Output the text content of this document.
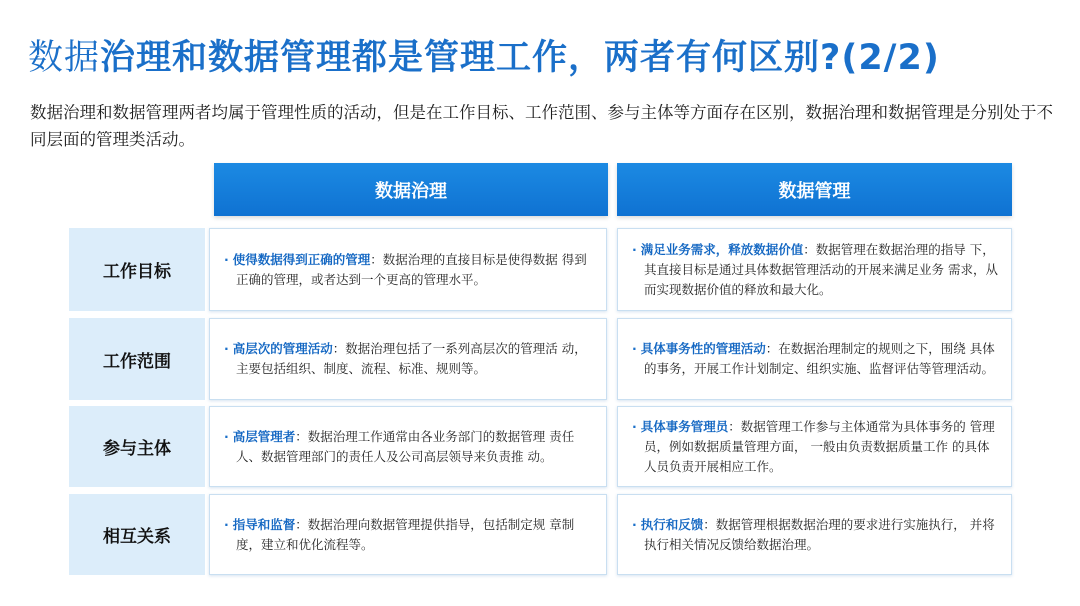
数据治理和数据管理都是管理工作，两者有何区别?(2/2)
数据治理和数据管理两者均属于管理性质的活动，但是在工作目标、工作范围、参与主体等方面存在区别，数据治理和数据管理是分别处于不同层面的管理类活动。
数据治理	数据管理
工作目标
· 使得数据得到正确的管理：数据治理的直接目标是使得数据 得到正确的管理，或者达到一个更高的管理水平。
· 满足业务需求，释放数据价值：数据管理在数据治理的指导 下，其直接目标是通过具体数据管理活动的开展来满足业务 需求，从而实现数据价值的释放和最大化。
工作范围
· 高层次的管理活动：数据治理包括了一系列高层次的管理活 动，主要包括组织、制度、流程、标准、规则等。
· 具体事务性的管理活动：在数据治理制定的规则之下，围绕 具体的事务，开展工作计划制定、组织实施、监督评估等管理活动。
参与主体
· 高层管理者：数据治理工作通常由各业务部门的数据管理 责任人、数据管理部门的责任人及公司高层领导来负责推 动。
· 具体事务管理员：数据管理工作参与主体通常为具体事务的 管理员，例如数据质量管理方面， 一般由负责数据质量工作 的具体人员负责开展相应工作。
相互关系
· 指导和监督：数据治理向数据管理提供指导，包括制定规 章制度，建立和优化流程等。
· 执行和反馈：数据管理根据数据治理的要求进行实施执行， 并将执行相关情况反馈给数据治理。
